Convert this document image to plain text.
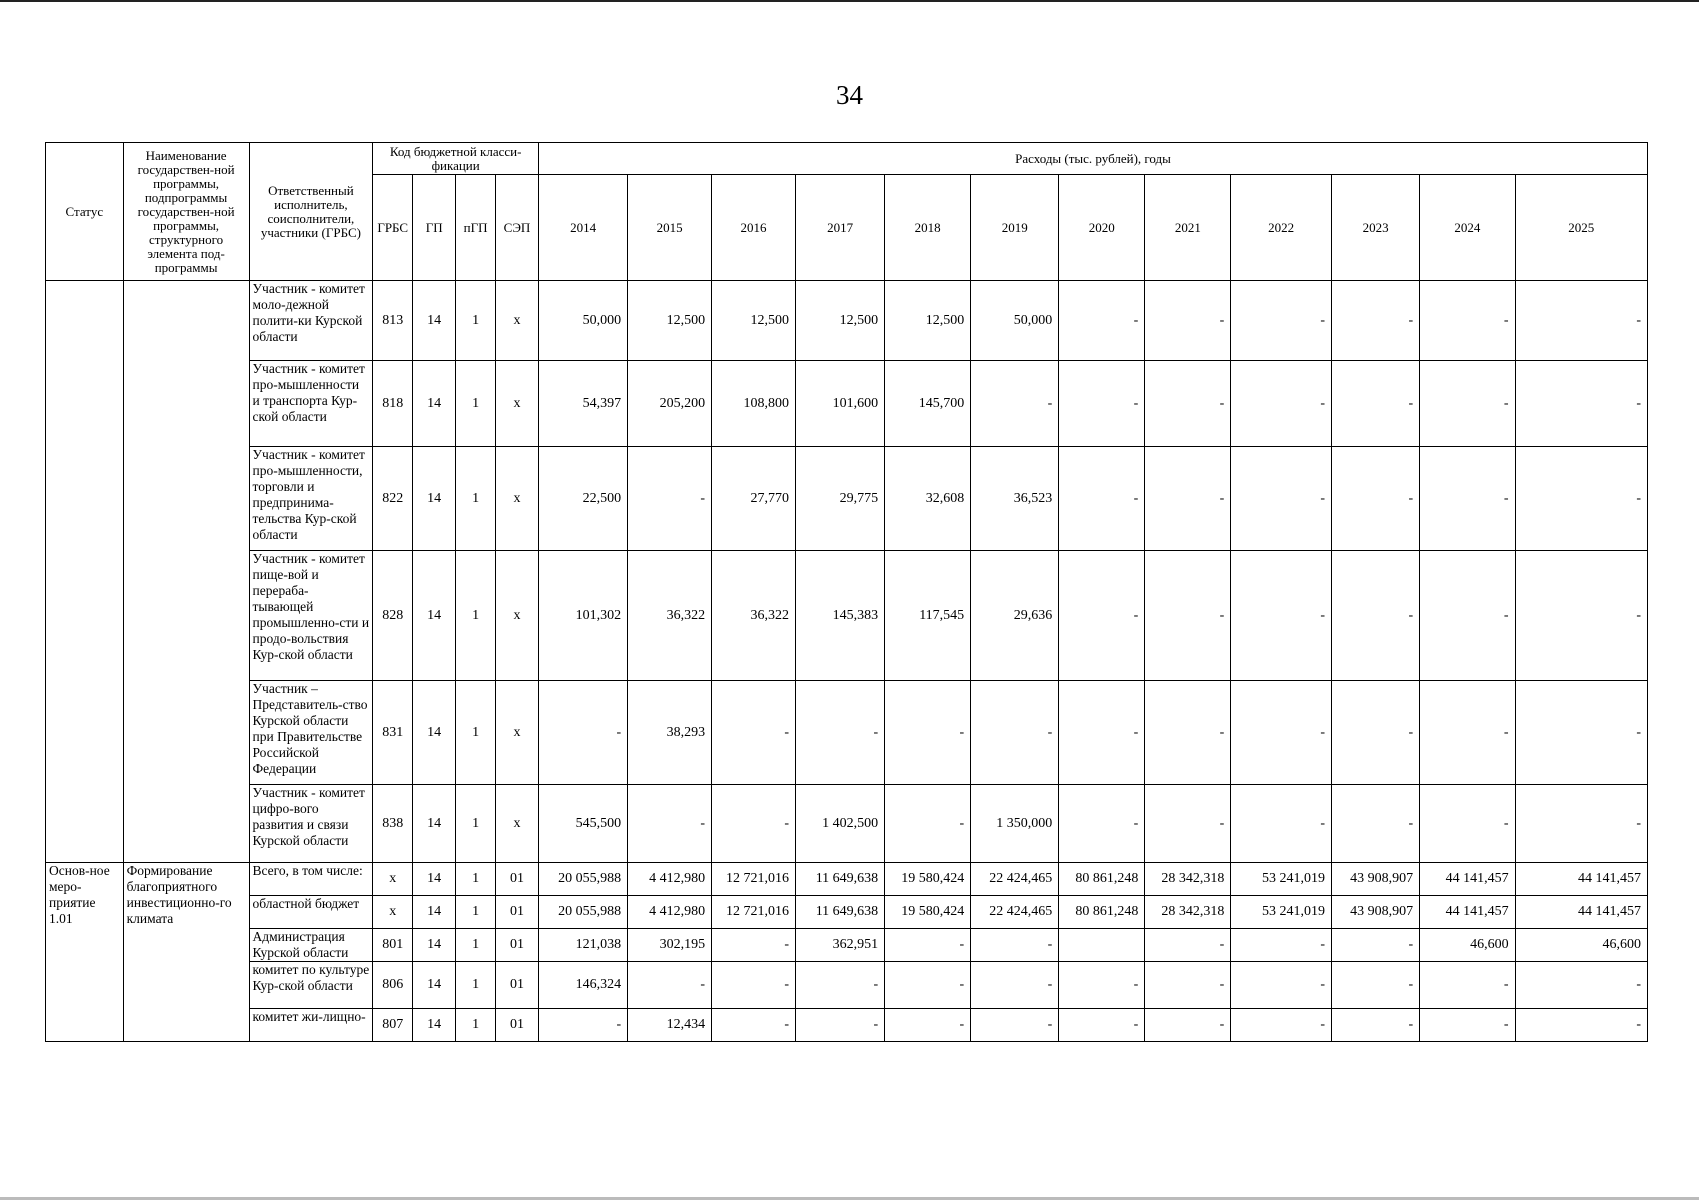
34
Статус	Наименование государствен-ной программы, подпрограммы государствен-ной программы, структурного элемента под-программы	Ответственный исполнитель, соисполнители, участники (ГРБС)	Код бюджетной класси-фикации				Расходы (тыс. рублей), годы											
			ГРБС	ГП	пГП	СЭП	2014	2015	2016	2017	2018	2019	2020	2021	2022	2023	2024	2025
		Участник - комитет моло-дежной полити-ки Курской области	813	14	1	х	50,000	12,500	12,500	12,500	12,500	50,000	-	-	-	-	-	-
		Участник - комитет про-мышленности и транспорта Кур-ской области	818	14	1	х	54,397	205,200	108,800	101,600	145,700	-	-	-	-	-	-	-
		Участник - комитет про-мышленности, торговли и предпринима-тельства Кур-ской области	822	14	1	х	22,500	-	27,770	29,775	32,608	36,523	-	-	-	-	-	-
		Участник - комитет пище-вой и перераба-тывающей промышленно-сти и продо-вольствия Кур-ской области	828	14	1	х	101,302	36,322	36,322	145,383	117,545	29,636	-	-	-	-	-	-
		Участник – Представитель-ство Курской области при Правительстве Российской Федерации	831	14	1	х	-	38,293	-	-	-	-	-	-	-	-	-	-
		Участник - комитет цифро-вого развития и связи Курской области	838	14	1	х	545,500	-	-	1 402,500	-	1 350,000	-	-	-	-	-	-
Основ-ное меро-приятие 1.01	Формирование благоприятного инвестиционно-го климата	Всего, в том числе:	х	14	1	01	20 055,988	4 412,980	12 721,016	11 649,638	19 580,424	22 424,465	80 861,248	28 342,318	53 241,019	43 908,907	44 141,457	44 141,457
		областной бюджет	х	14	1	01	20 055,988	4 412,980	12 721,016	11 649,638	19 580,424	22 424,465	80 861,248	28 342,318	53 241,019	43 908,907	44 141,457	44 141,457
		Администрация Курской области	801	14	1	01	121,038	302,195	-	362,951	-	-		-	-	-	46,600	46,600
		комитет по культуре Кур-ской области	806	14	1	01	146,324	-	-	-	-	-	-	-	-	-	-	-
		комитет жи-лищно-	807	14	1	01	-	12,434	-	-	-	-	-	-	-	-	-	-
